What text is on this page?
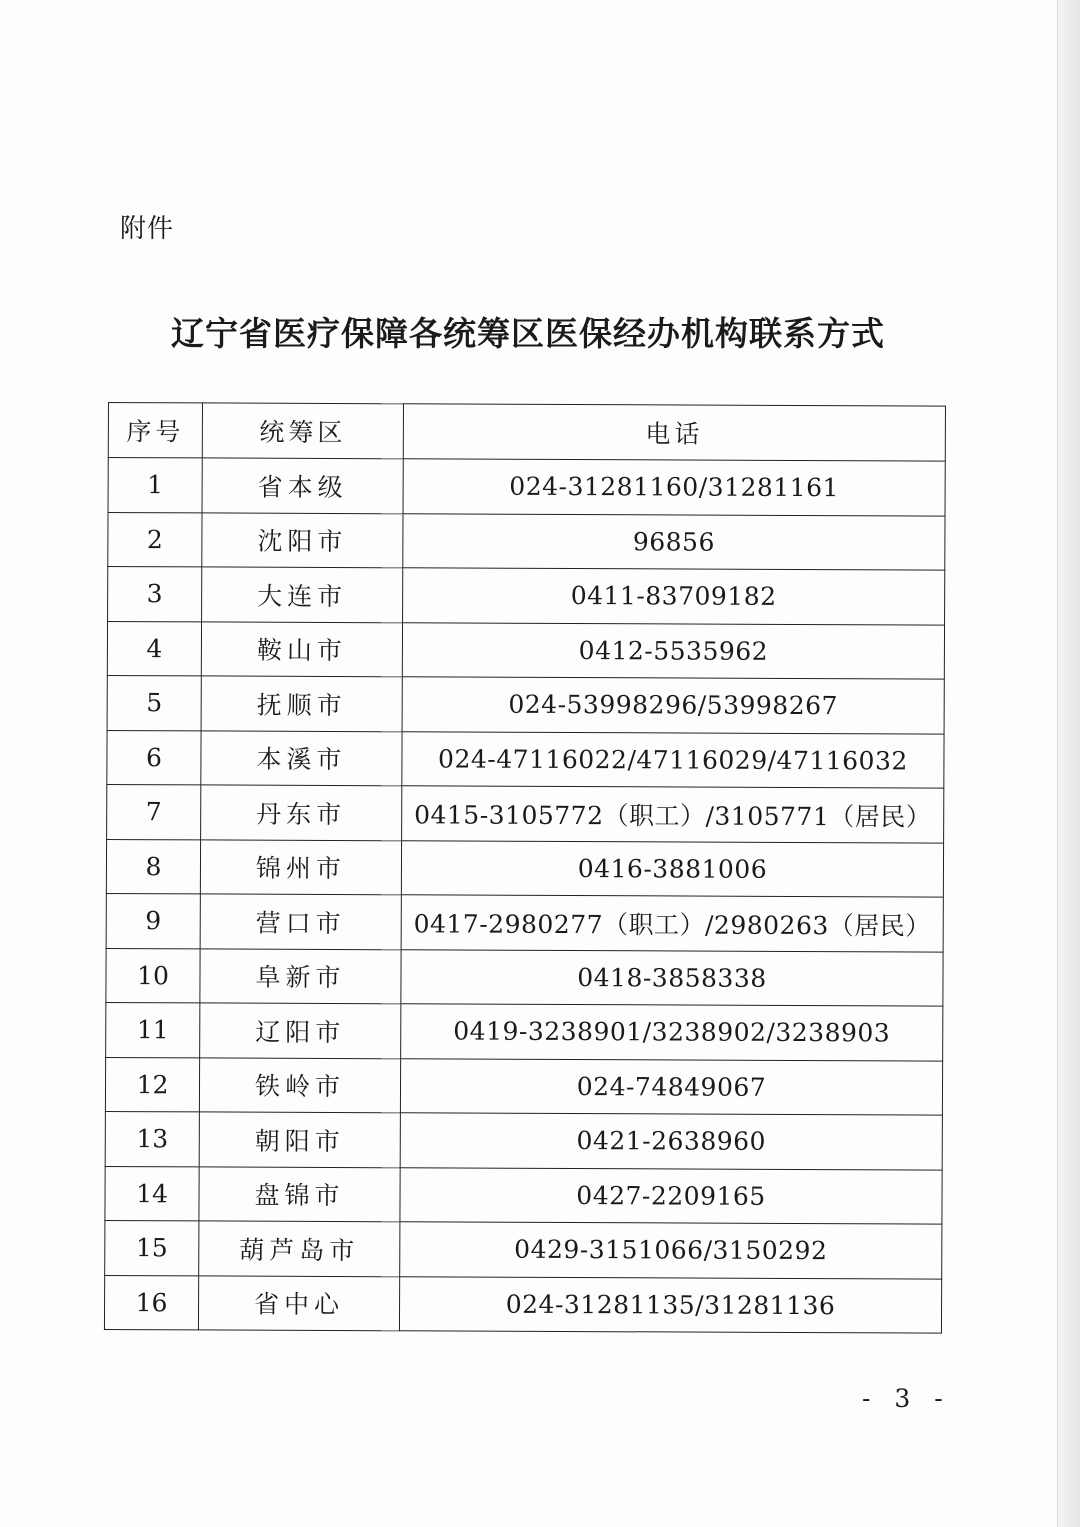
附件
辽宁省医疗保障各统筹区医保经办机构联系方式
序号	统筹区	电话
1	省本级	024-31281160/31281161
2	沈阳市	96856
3	大连市	0411-83709182
4	鞍山市	0412-5535962
5	抚顺市	024-53998296/53998267
6	本溪市	024-47116022/47116029/47116032
7	丹东市	0415-3105772（职工）/3105771（居民）
8	锦州市	0416-3881006
9	营口市	0417-2980277（职工）/2980263（居民）
10	阜新市	0418-3858338
11	辽阳市	0419-3238901/3238902/3238903
12	铁岭市	024-74849067
13	朝阳市	0421-2638960
14	盘锦市	0427-2209165
15	葫芦岛市	0429-3151066/3150292
16	省中心	024-31281135/31281136
- 3 -
